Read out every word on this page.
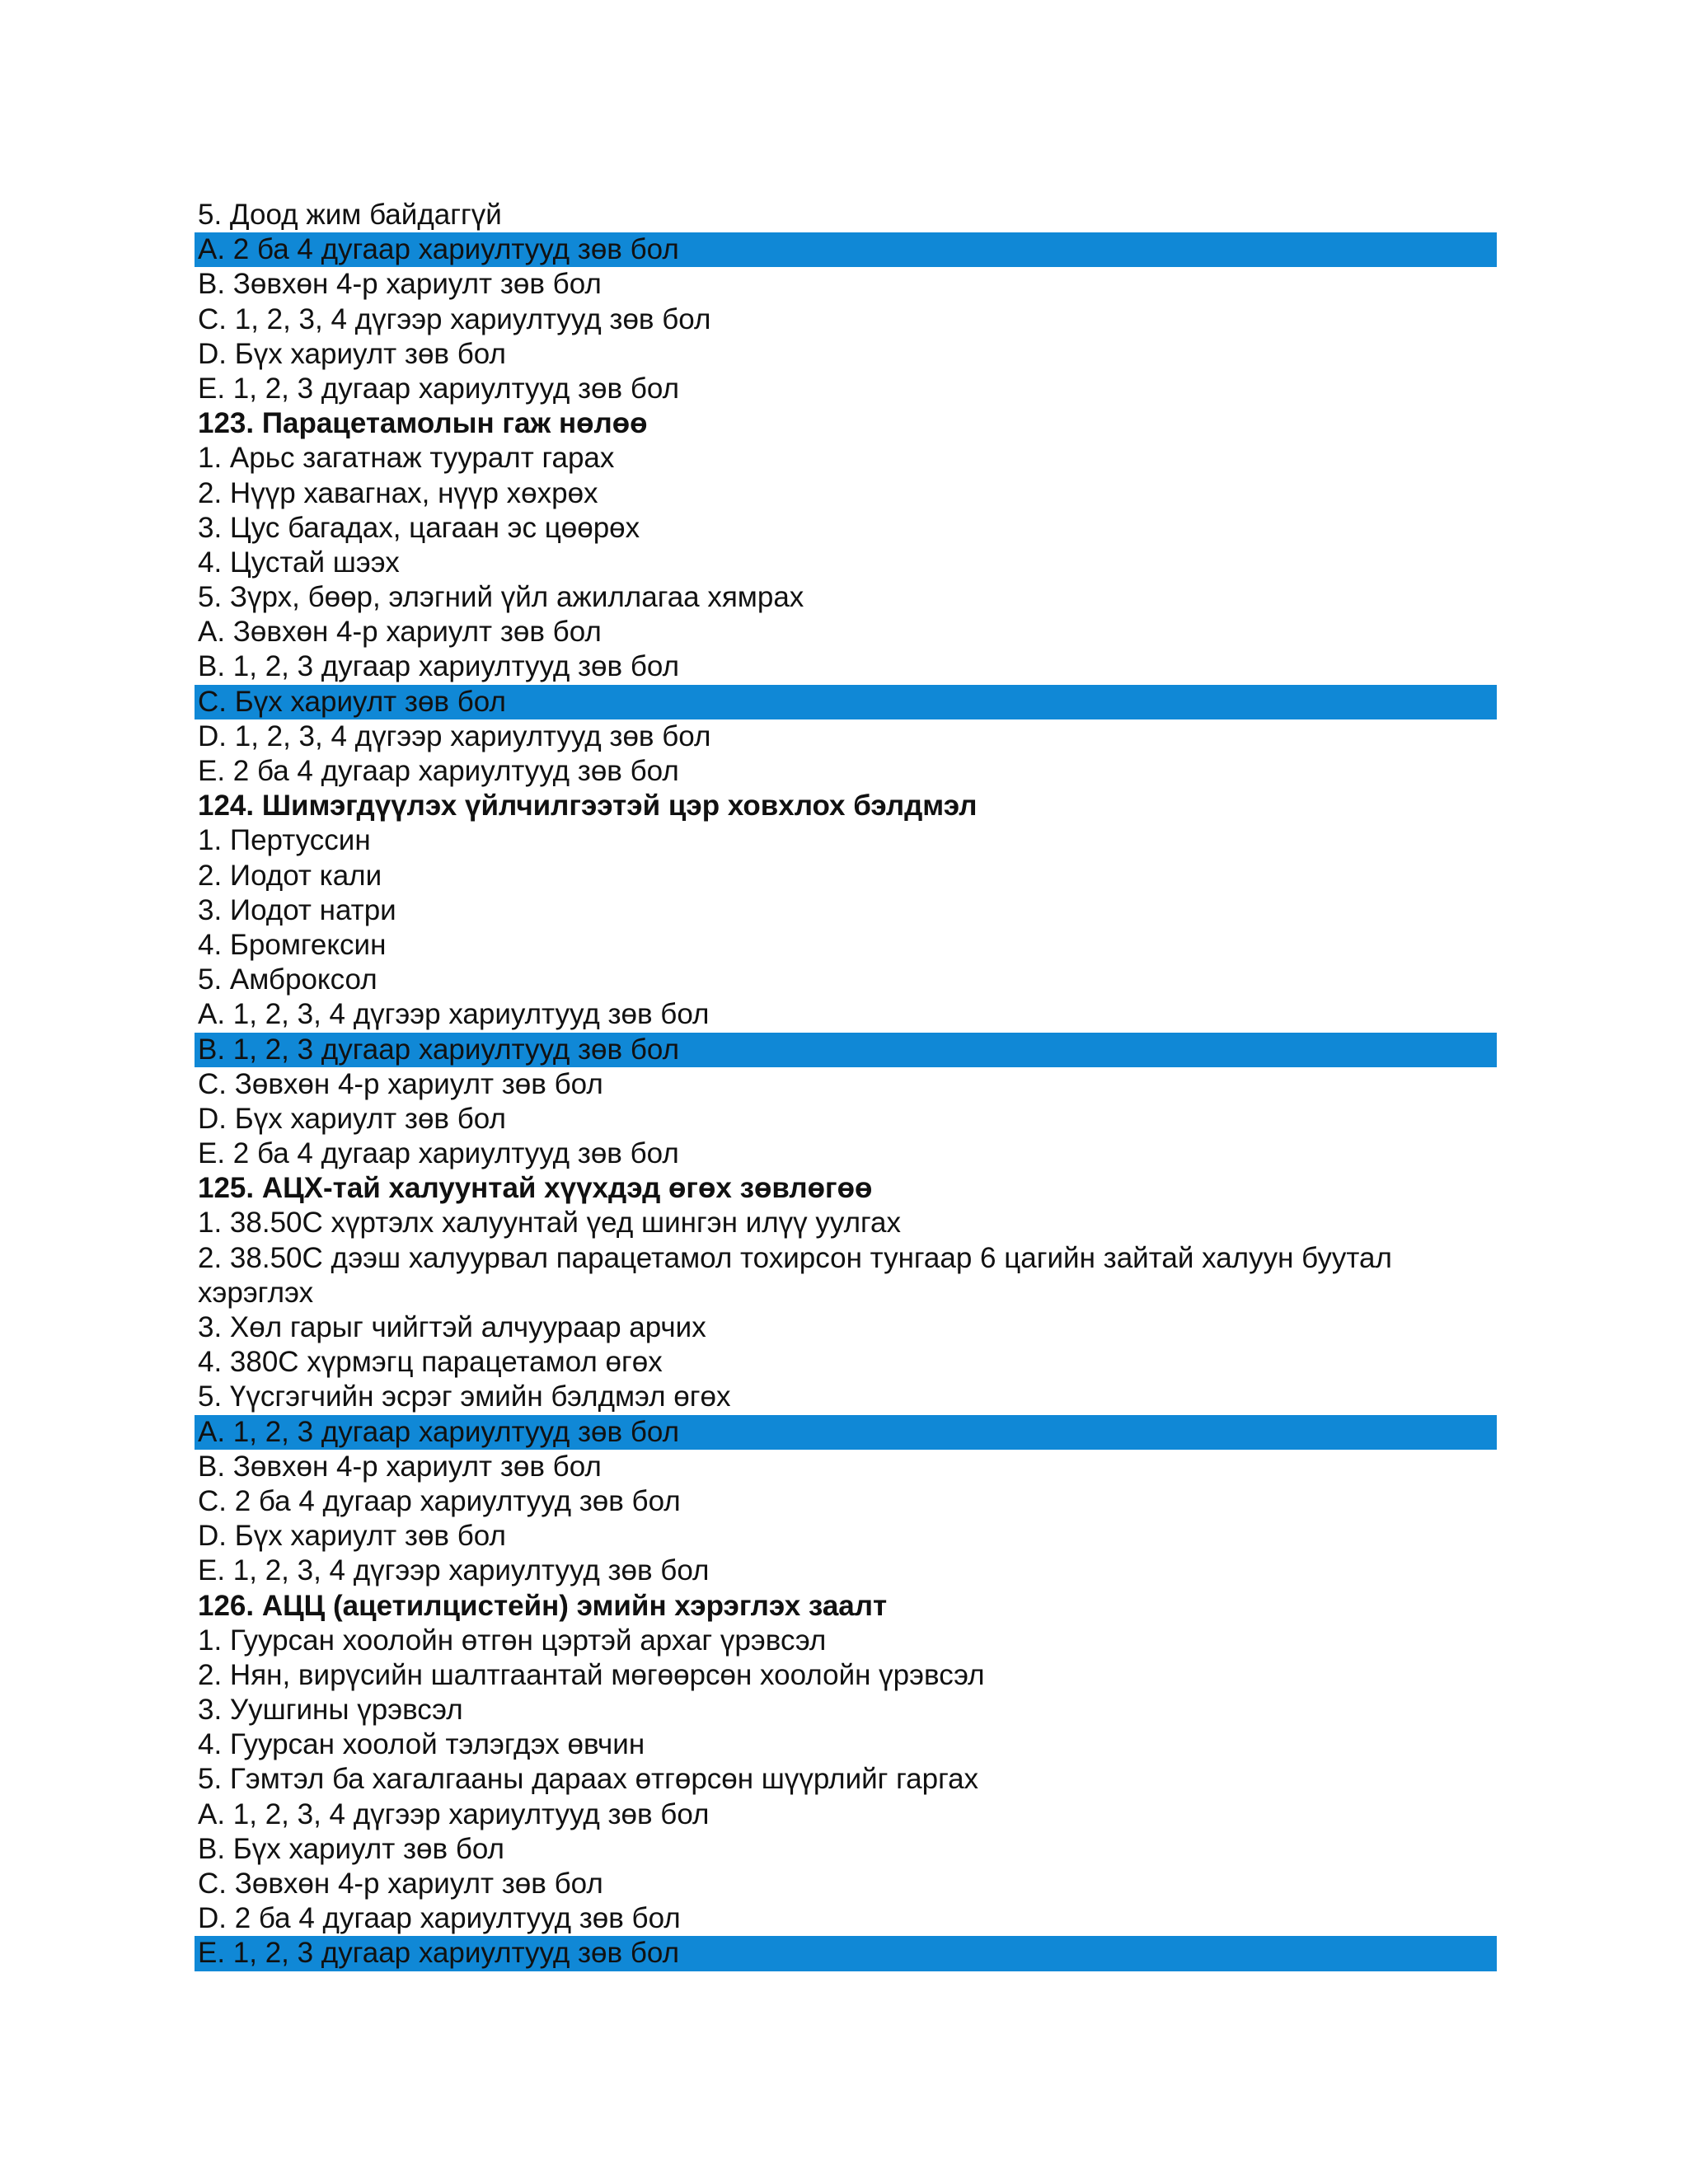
5. Доод жим байдаггүй
A. 2 ба 4 дугаар хариултууд зөв бол
B. Зөвхөн 4-р хариулт зөв бол
C. 1, 2, 3, 4 дүгээр хариултууд зөв бол
D. Бүх хариулт зөв бол
E. 1, 2, 3 дугаар хариултууд зөв бол
123. Парацетамолын гаж нөлөө
1. Арьс загатнаж тууралт гарах
2. Нүүр хавагнах, нүүр хөхрөх
3. Цус багадах, цагаан эс цөөрөх
4. Цустай шээх
5. Зүрх, бөөр, элэгний үйл ажиллагаа хямрах
A. Зөвхөн 4-р хариулт зөв бол
B. 1, 2, 3 дугаар хариултууд зөв бол
C. Бүх хариулт зөв бол
D. 1, 2, 3, 4 дүгээр хариултууд зөв бол
E. 2 ба 4 дугаар хариултууд зөв бол
124. Шимэгдүүлэх үйлчилгээтэй цэр ховхлох бэлдмэл
1. Пертуссин
2. Иодот кали
3. Иодот натри
4. Бромгексин
5. Амброксол
A. 1, 2, 3, 4 дүгээр хариултууд зөв бол
B. 1, 2, 3 дугаар хариултууд зөв бол
C. Зөвхөн 4-р хариулт зөв бол
D. Бүх хариулт зөв бол
E. 2 ба 4 дугаар хариултууд зөв бол
125. АЦХ-тай халуунтай хүүхдэд өгөх зөвлөгөө
1. 38.50С хүртэлх халуунтай үед шингэн илүү уулгах
2. 38.50С дээш халуурвал парацетамол тохирсон тунгаар 6 цагийн зайтай халуун буутал хэрэглэх
3. Хөл гарыг чийгтэй алчуураар арчих
4. 380С хүрмэгц парацетамол өгөх
5. Үүсгэгчийн эсрэг эмийн бэлдмэл өгөх
A. 1, 2, 3 дугаар хариултууд зөв бол
B. Зөвхөн 4-р хариулт зөв бол
C. 2 ба 4 дугаар хариултууд зөв бол
D. Бүх хариулт зөв бол
E. 1, 2, 3, 4 дүгээр хариултууд зөв бол
126. АЦЦ (ацетилцистейн) эмийн хэрэглэх заалт
1. Гуурсан хоолойн өтгөн цэртэй архаг үрэвсэл
2. Нян, вирүсийн шалтгаантай мөгөөрсөн хоолойн үрэвсэл
3. Уушгины үрэвсэл
4. Гуурсан хоолой тэлэгдэх өвчин
5. Гэмтэл ба хагалгааны дараах өтгөрсөн шүүрлийг гаргах
A. 1, 2, 3, 4 дүгээр хариултууд зөв бол
B. Бүх хариулт зөв бол
C. Зөвхөн 4-р хариулт зөв бол
D. 2 ба 4 дугаар хариултууд зөв бол
E. 1, 2, 3 дугаар хариултууд зөв бол
